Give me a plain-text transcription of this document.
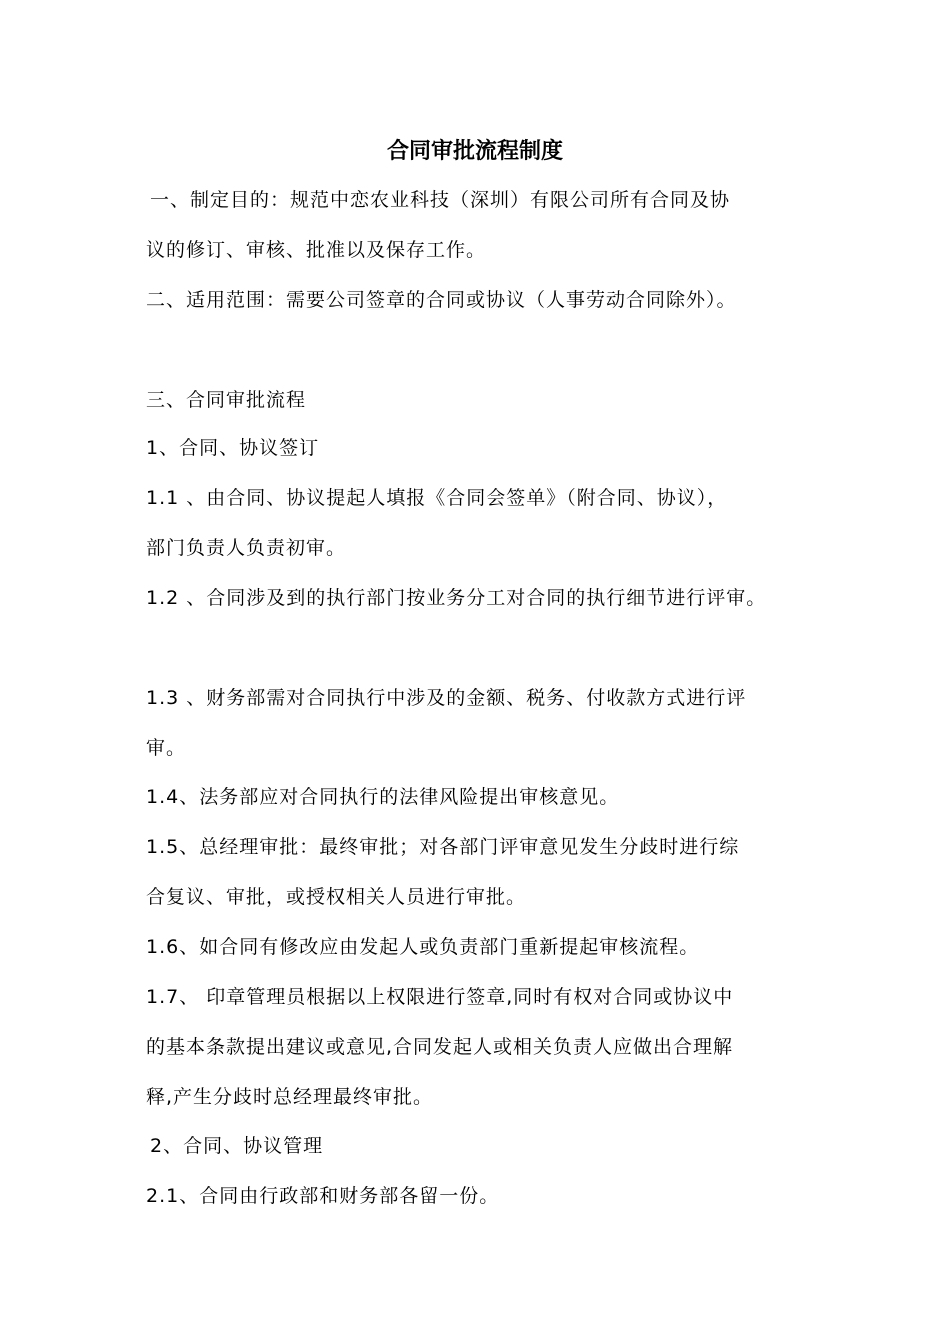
合同审批流程制度
一、制定目的：规范中恋农业科技（深圳）有限公司所有合同及协
议的修订、审核、批准以及保存工作。
二、适用范围：需要公司签章的合同或协议（人事劳动合同除外）。
三、合同审批流程
1、合同、协议签订
1.1 、由合同、协议提起人填报《合同会签单》（附合同、协议），
部门负责人负责初审。
1.2 、合同涉及到的执行部门按业务分工对合同的执行细节进行评审。
1.3 、财务部需对合同执行中涉及的金额、税务、付收款方式进行评
审。
1.4、法务部应对合同执行的法律风险提出审核意见。
1.5、总经理审批：最终审批；对各部门评审意见发生分歧时进行综
合复议、审批，或授权相关人员进行审批。
1.6、如合同有修改应由发起人或负责部门重新提起审核流程。
1.7、 印章管理员根据以上权限进行签章,同时有权对合同或协议中
的基本条款提出建议或意见,合同发起人或相关负责人应做出合理解
释,产生分歧时总经理最终审批。
2、合同、协议管理
2.1、合同由行政部和财务部各留一份。
